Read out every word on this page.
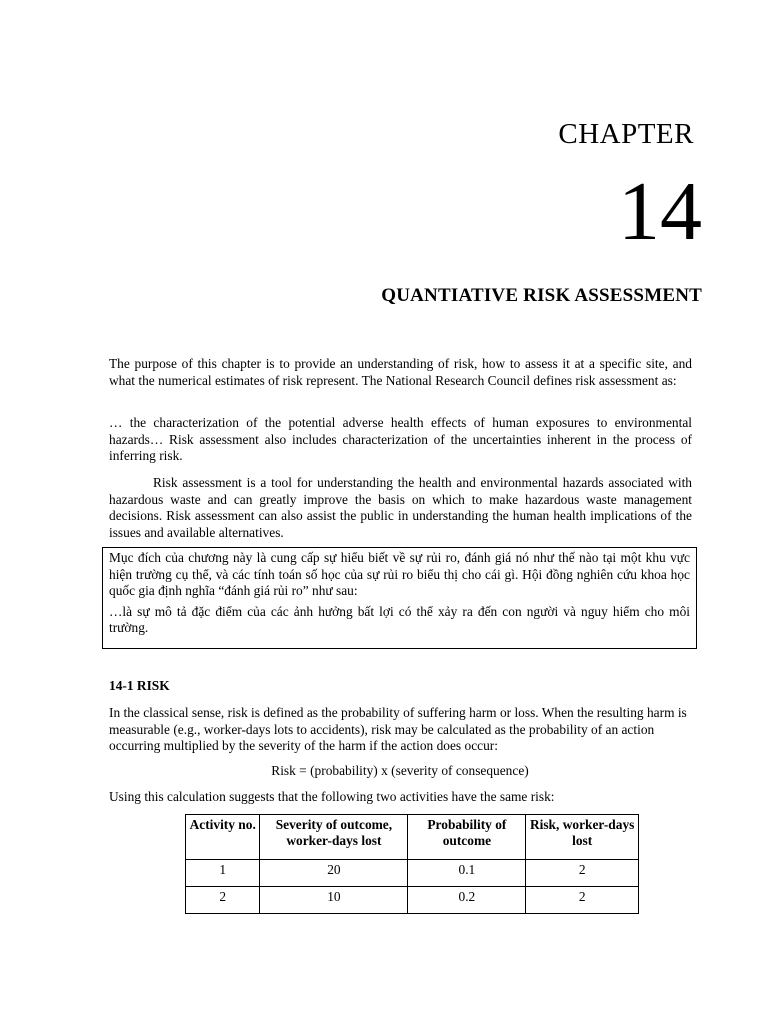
CHAPTER
14
QUANTIATIVE RISK ASSESSMENT

The purpose of this chapter is to provide an understanding of risk, how to assess it at a specific site, and what the numerical estimates of risk represent. The National Research Council defines risk assessment as:

… the characterization of the potential adverse health effects of human exposures to environmental hazards… Risk assessment also includes characterization of the uncertainties inherent in the process of inferring risk.

Risk assessment is a tool for understanding the health and environmental hazards associated with hazardous waste and can greatly improve the basis on which to make hazardous waste management decisions. Risk assessment can also assist the public in understanding the human health implications of the issues and available alternatives.

Mục đích của chương này là cung cấp sự hiểu biết về sự rủi ro, đánh giá nó như thế nào tại một khu vực hiện trường cụ thể, và các tính toán số học của sự rủi ro biểu thị cho cái gì. Hội đồng nghiên cứu khoa học quốc gia định nghĩa “đánh giá rủi ro” như sau:

…là sự mô tả đặc điểm của các ảnh hưởng bất lợi có thể xảy ra đến con người và nguy hiểm cho môi trường.

14-1 RISK

In the classical sense, risk is defined as the probability of suffering harm or loss. When the resulting harm is measurable (e.g., worker-days lots to accidents), risk may be calculated as the probability of an action occurring multiplied by the severity of the harm if the action does occur:

Risk = (probability) x (severity of consequence)

Using this calculation suggests that the following two activities have the same risk:

Activity no.	Severity of outcome, worker-days lost	Probability of outcome	Risk, worker-days lost
1	20	0.1	2
2	10	0.2	2
